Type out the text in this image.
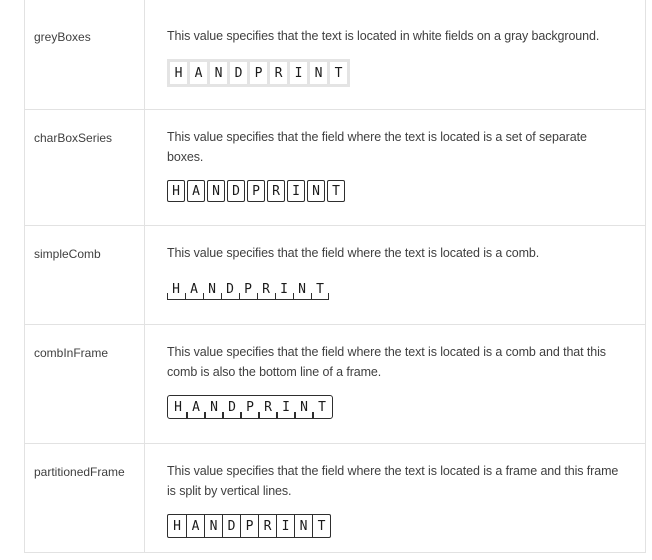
greyBoxes	This value specifies that the text is located in white fields on a gray background.

H A N D P R I N T
charBoxSeries	This value specifies that the field where the text is located is a set of separate boxes.

H A N D P R I N T
simpleComb	This value specifies that the field where the text is located is a comb.

H A N D P R I N T
combInFrame	This value specifies that the field where the text is located is a comb and that this comb is also the bottom line of a frame.

H A N D P R I N T
partitionedFrame	This value specifies that the field where the text is located is a frame and this frame is split by vertical lines.

H A N D P R I N T
